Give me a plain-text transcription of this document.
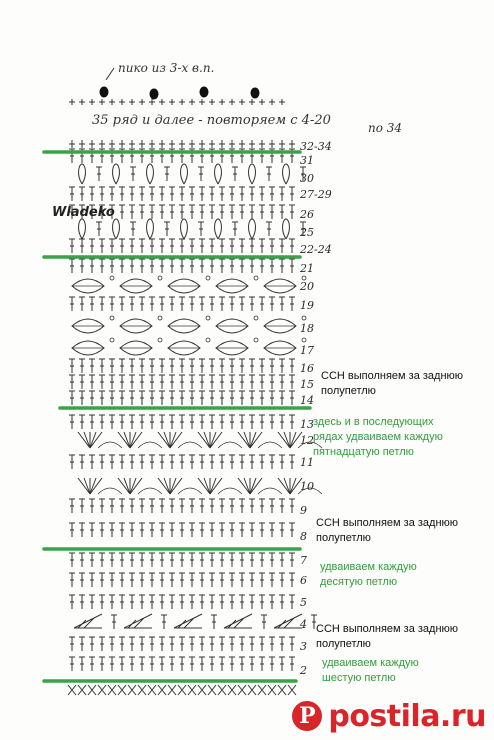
пико из 3-х в.п.
35 ряд и далее - повторяем с 4-20	по 34
32-34
31
30
27-29
26
25
22-24
21
20
19
18
17
16
15
14
13
12
11
10
9
8
7
6
5
4
3
2
Wladeko
ССН выполняем за заднюю
полупетлю
здесь и в последующих
рядах удваиваем каждую
пятнадцатую петлю
ССН выполняем за заднюю
полупетлю
удваиваем каждую
десятую петлю
ССН выполняем за заднюю
полупетлю
удваиваем каждую
шестую петлю
P postila.ru
